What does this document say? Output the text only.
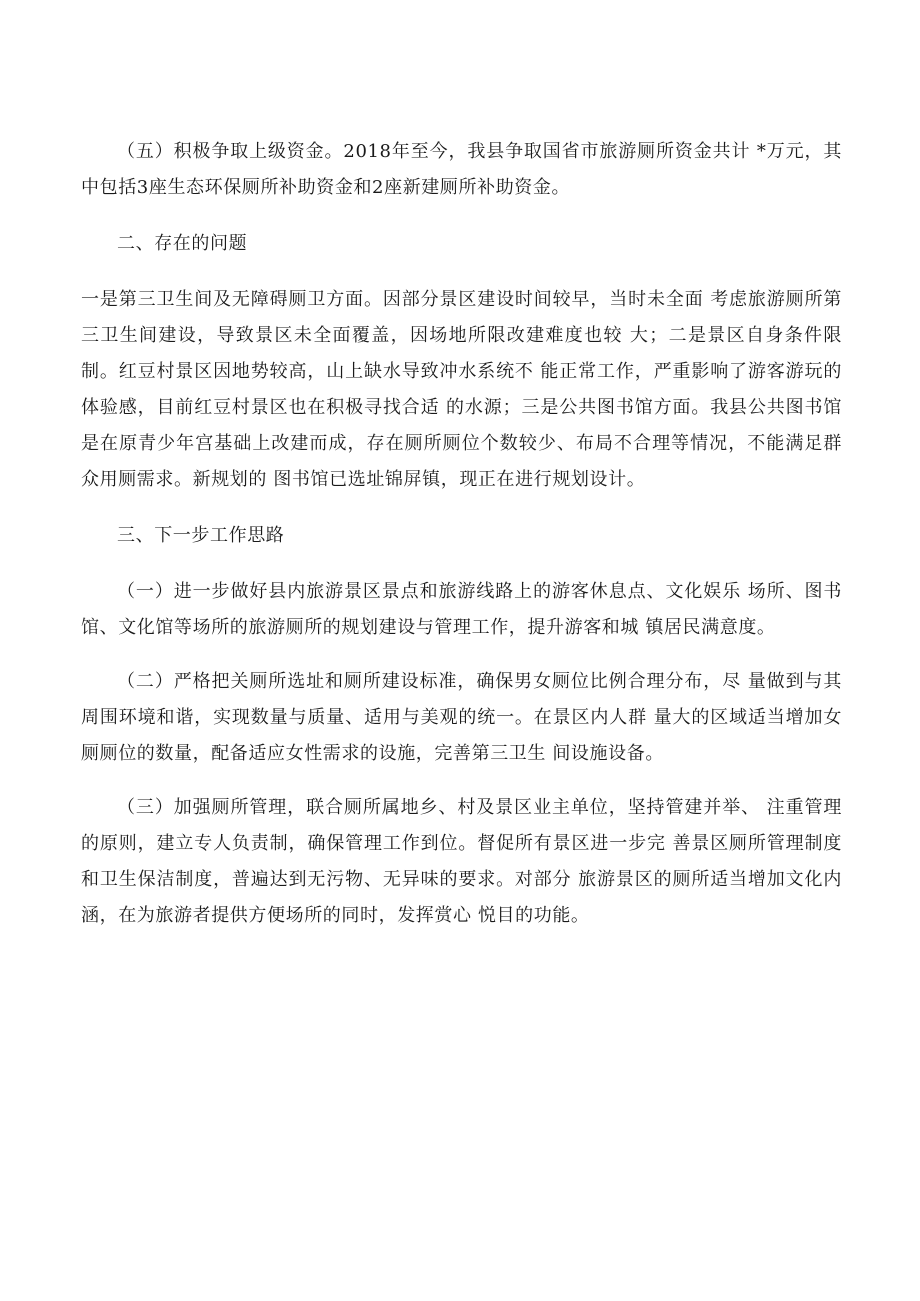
（五）积极争取上级资金。2018年至今，我县争取国省市旅游厕所资金共计 *万元，其中包括3座生态环保厕所补助资金和2座新建厕所补助资金。

二、存在的问题

一是第三卫生间及无障碍厕卫方面。因部分景区建设时间较早，当时未全面 考虑旅游厕所第三卫生间建设，导致景区未全面覆盖，因场地所限改建难度也较 大；二是景区自身条件限制。红豆村景区因地势较高，山上缺水导致冲水系统不 能正常工作，严重影响了游客游玩的体验感，目前红豆村景区也在积极寻找合适 的水源；三是公共图书馆方面。我县公共图书馆是在原青少年宫基础上改建而成，存在厕所厕位个数较少、布局不合理等情况，不能满足群众用厕需求。新规划的 图书馆已选址锦屏镇，现正在进行规划设计。

三、下一步工作思路

（一）进一步做好县内旅游景区景点和旅游线路上的游客休息点、文化娱乐 场所、图书馆、文化馆等场所的旅游厕所的规划建设与管理工作，提升游客和城 镇居民满意度。

（二）严格把关厕所选址和厕所建设标准，确保男女厕位比例合理分布，尽 量做到与其周围环境和谐，实现数量与质量、适用与美观的统一。在景区内人群 量大的区域适当增加女厕厕位的数量，配备适应女性需求的设施，完善第三卫生 间设施设备。

（三）加强厕所管理，联合厕所属地乡、村及景区业主单位，坚持管建并举、 注重管理的原则，建立专人负责制，确保管理工作到位。督促所有景区进一步完 善景区厕所管理制度和卫生保洁制度，普遍达到无污物、无异味的要求。对部分 旅游景区的厕所适当增加文化内涵，在为旅游者提供方便场所的同时，发挥赏心 悦目的功能。
